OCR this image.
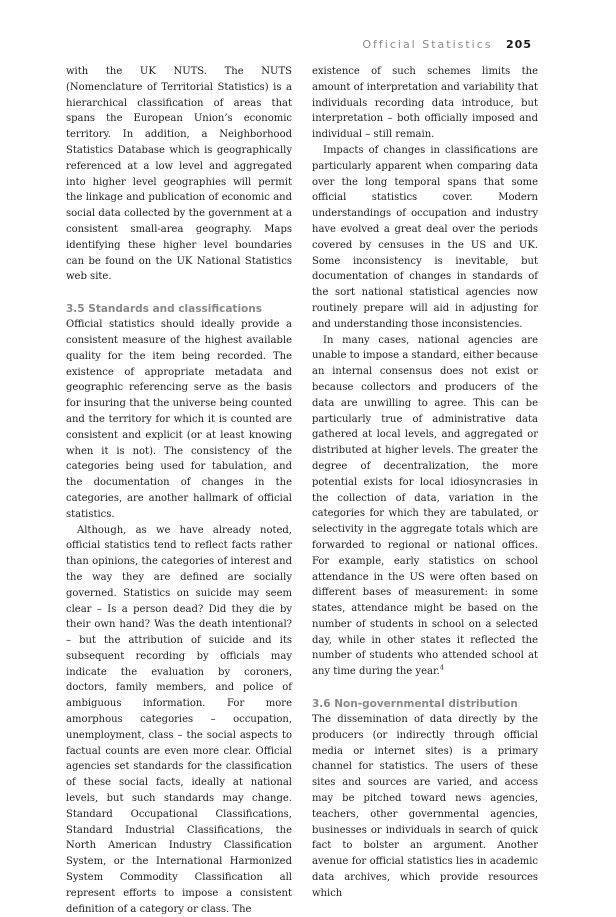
Official Statistics 205

with the UK NUTS. The NUTS (Nomenclature of Territorial Statistics) is a hierarchical classification of areas that spans the European Union’s economic territory. In addition, a Neighborhood Statistics Database which is geographically referenced at a low level and aggregated into higher level geographies will permit the linkage and publication of economic and social data collected by the government at a consistent small-area geography. Maps identifying these higher level boundaries can be found on the UK National Statistics web site.

3.5 Standards and classifications

Official statistics should ideally provide a consistent measure of the highest available quality for the item being recorded. The existence of appropriate metadata and geographic referencing serve as the basis for insuring that the universe being counted and the territory for which it is counted are consistent and explicit (or at least knowing when it is not). The consistency of the categories being used for tabulation, and the documentation of changes in the categories, are another hallmark of official statistics.

Although, as we have already noted, official statistics tend to reflect facts rather than opinions, the categories of interest and the way they are defined are socially governed. Statistics on suicide may seem clear – Is a person dead? Did they die by their own hand? Was the death intentional? – but the attribution of suicide and its subsequent recording by officials may indicate the evaluation by coroners, doctors, family members, and police of ambiguous information. For more amorphous categories – occupation, unemployment, class – the social aspects to factual counts are even more clear. Official agencies set standards for the classification of these social facts, ideally at national levels, but such standards may change. Standard Occupational Classifications, Standard Industrial Classifications, the North American Industry Classification System, or the International Harmonized System Commodity Classification all represent efforts to impose a consistent definition of a category or class. The

existence of such schemes limits the amount of interpretation and variability that individuals recording data introduce, but interpretation – both officially imposed and individual – still remain.

Impacts of changes in classifications are particularly apparent when comparing data over the long temporal spans that some official statistics cover. Modern understandings of occupation and industry have evolved a great deal over the periods covered by censuses in the US and UK. Some inconsistency is inevitable, but documentation of changes in standards of the sort national statistical agencies now routinely prepare will aid in adjusting for and understanding those inconsistencies.

In many cases, national agencies are unable to impose a standard, either because an internal consensus does not exist or because collectors and producers of the data are unwilling to agree. This can be particularly true of administrative data gathered at local levels, and aggregated or distributed at higher levels. The greater the degree of decentralization, the more potential exists for local idiosyncrasies in the collection of data, variation in the categories for which they are tabulated, or selectivity in the aggregate totals which are forwarded to regional or national offices. For example, early statistics on school attendance in the US were often based on different bases of measurement: in some states, attendance might be based on the number of students in school on a selected day, while in other states it reflected the number of students who attended school at any time during the year.$^4$

3.6 Non-governmental distribution

The dissemination of data directly by the producers (or indirectly through official media or internet sites) is a primary channel for statistics. The users of these sites and sources are varied, and access may be pitched toward news agencies, teachers, other governmental agencies, businesses or individuals in search of quick fact to bolster an argument. Another avenue for official statistics lies in academic data archives, which provide resources which
